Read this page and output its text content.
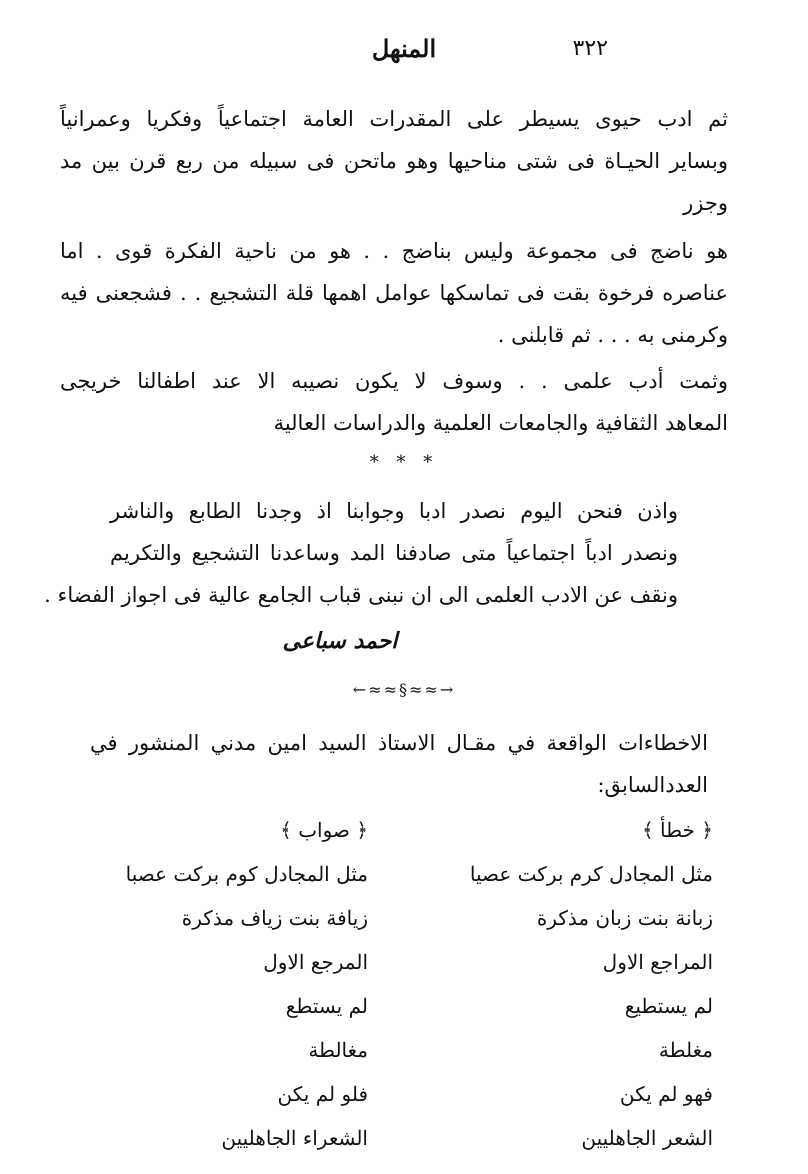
٣٢٢
المنهل
ثم ادب حيوى يسيطر على المقدرات العامة اجتماعياً وفكريا وعمرانياً
وبساير الحيـاة فى شتى مناحيها وهو ماتحن فى سبيله من ربع قرن بين مد
وجزر
هو ناضج فى مجموعة وليس بناضج . . هو من ناحية الفكرة قوى . اما
عناصره فرخوة بقت فى تماسكها عوامل اهمها قلة التشجيع . . فشجعنى فيه
وكرمنى به . . . ثم قابلنى .
وثمت أدب علمى . . وسوف لا يكون نصيبه الا عند اطفالنا خريجى
المعاهد الثقافية والجامعات العلمية والدراسات العالية
* * *
واذن فنحن اليوم نصدر ادبا وجوابنا اذ وجدنا الطابع والناشر
ونصدر ادباً اجتماعياً متى صادفنا المد وساعدنا التشجيع والتكريم
ونقف عن الادب العلمى الى ان نبنى قباب الجامع عالية فى اجواز الفضاء .
احمد سباعى
→≈≈§≈≈←
الاخطاءات الواقعة في مقـال الاستاذ السيد امين مدني المنشور في
العددالسابق:
﴿ خطأ ﴾
مثل المجادل كرم بركت عصيا
زبانة بنت زبان مذكرة
المراجع الاول
لم يستطيع
مغلطة
فهو لم يكن
الشعر الجاهليين
﴿ صواب ﴾
مثل المجادل كوم بركت عصبا
زيافة بنت زياف مذكرة
المرجع الاول
لم يستطع
مغالطة
فلو لم يكن
الشعراء الجاهليين
